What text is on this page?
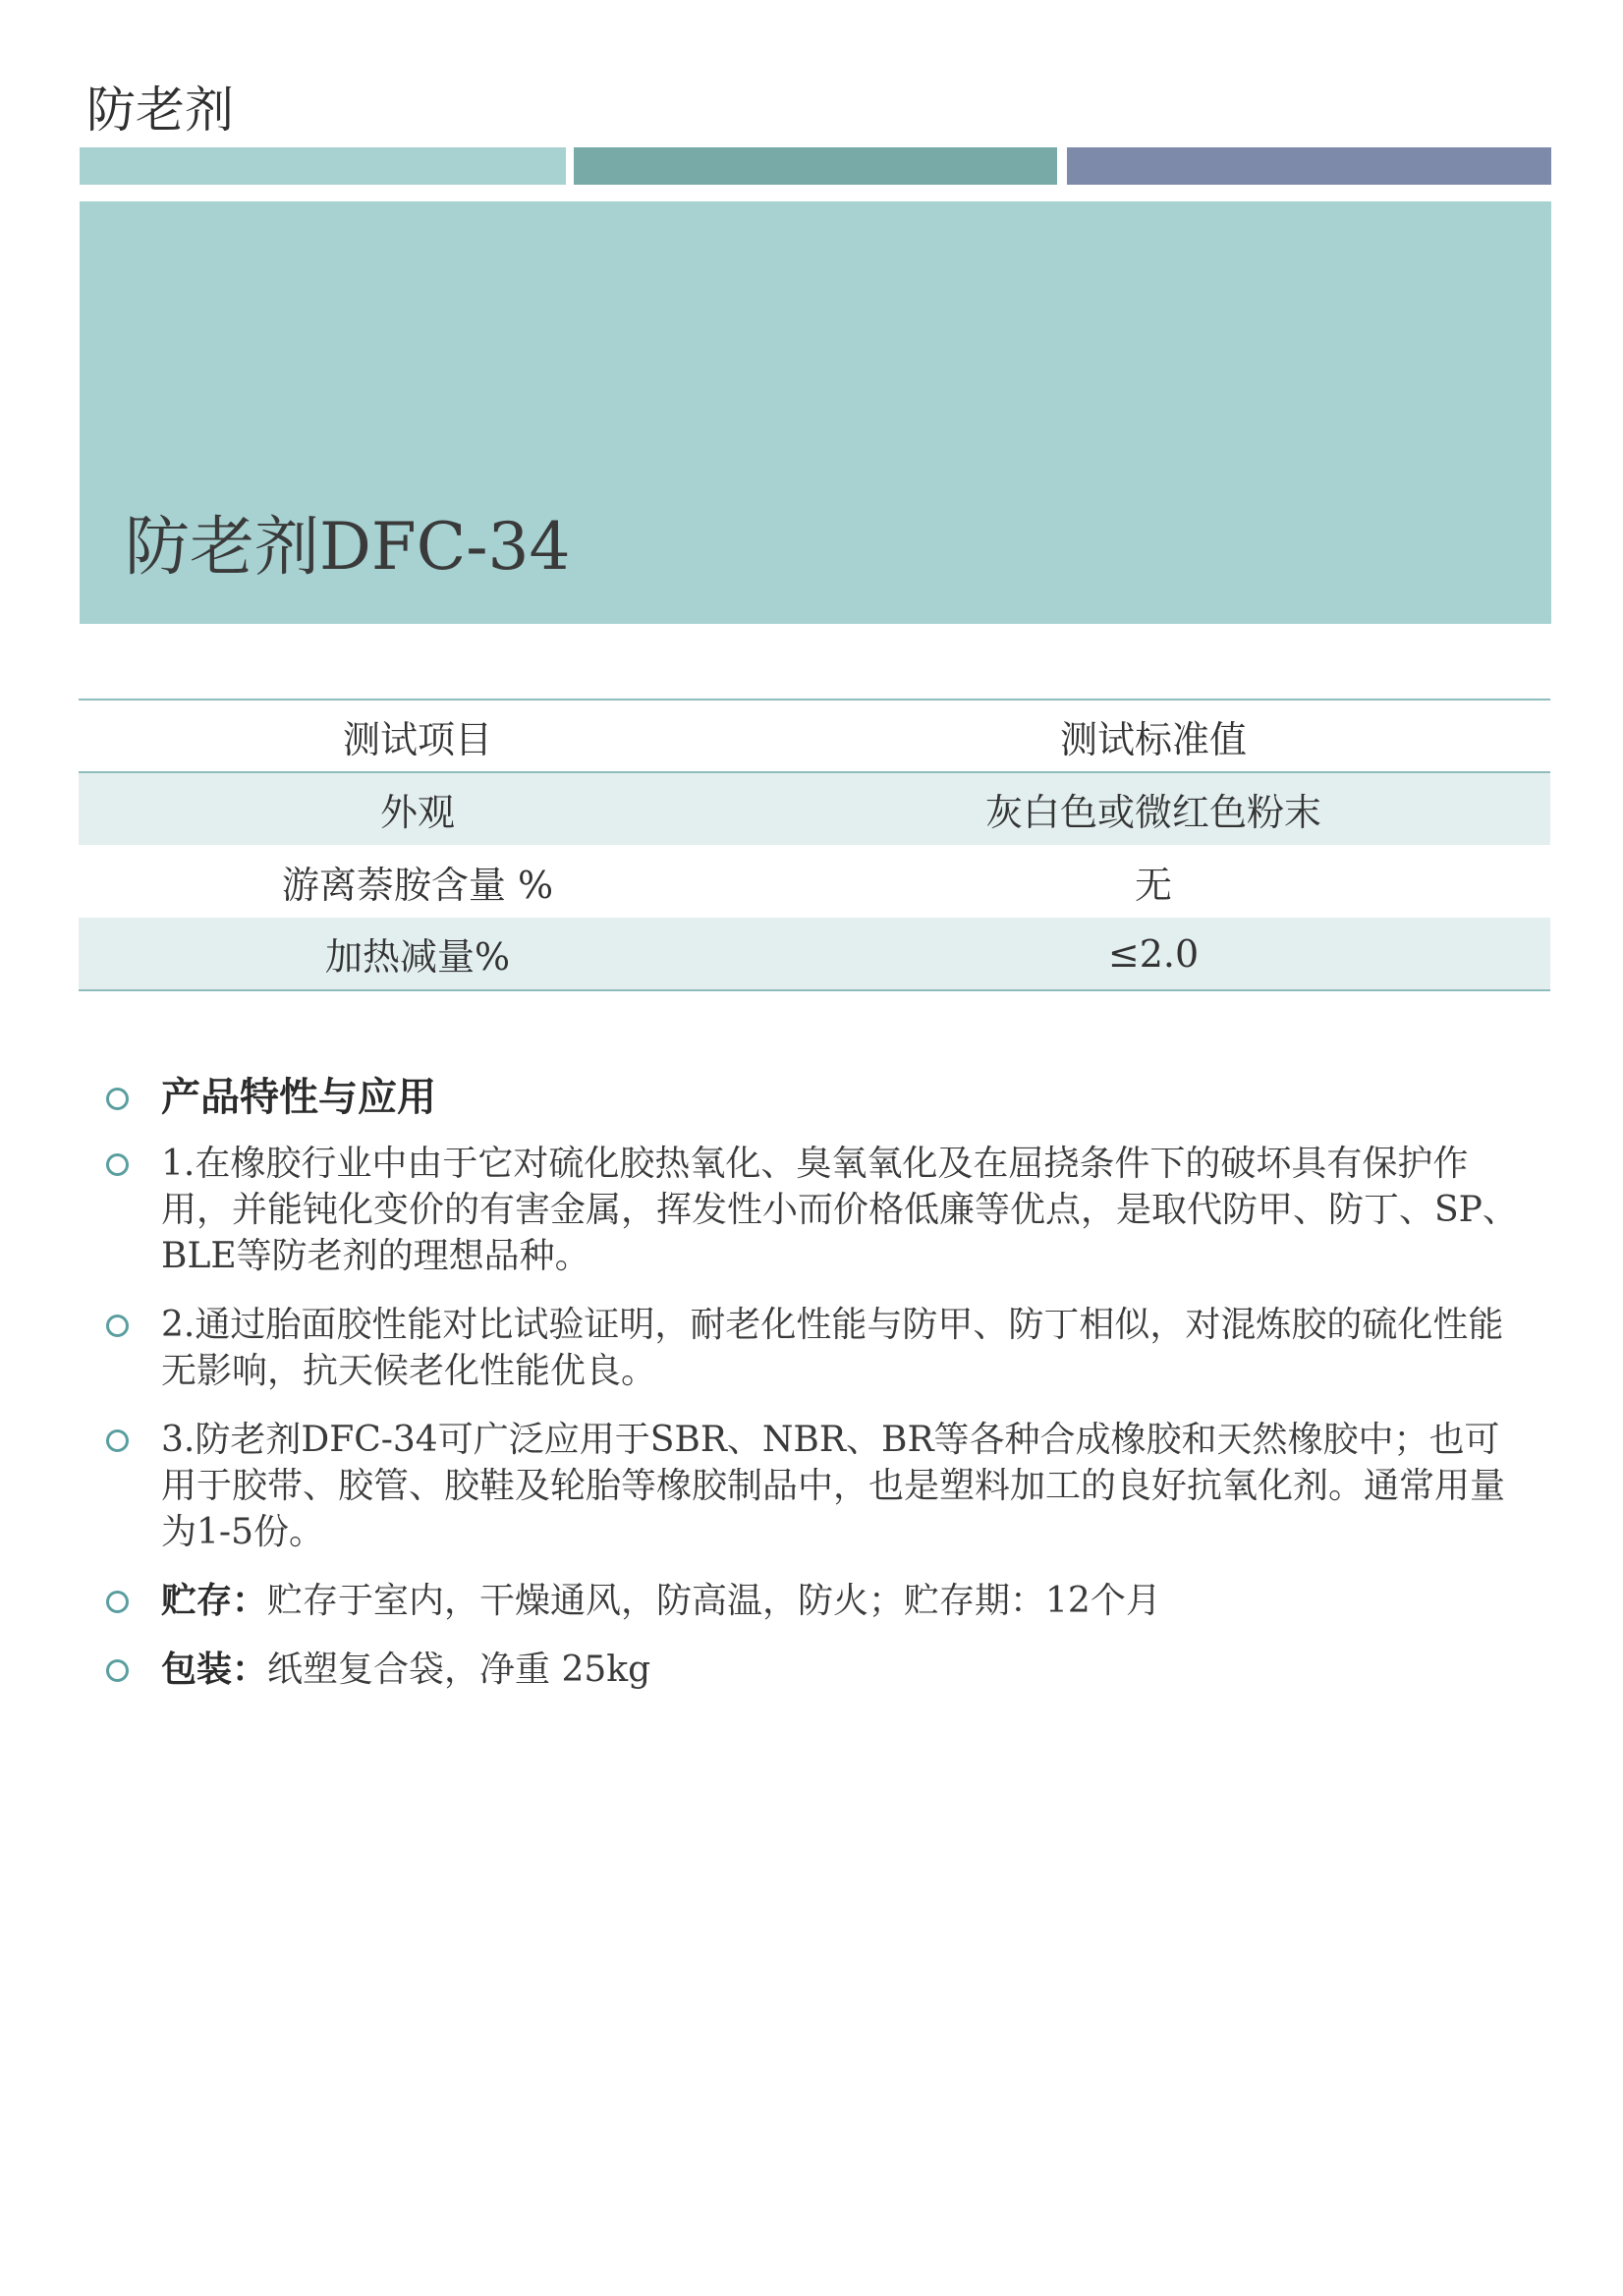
防老剂
防老剂DFC-34
测试项目	测试标准值
外观	灰白色或微红色粉末
游离萘胺含量 %	无
加热减量%	≤2.0
产品特性与应用
1.在橡胶行业中由于它对硫化胶热氧化、臭氧氧化及在屈挠条件下的破坏具有保护作用，并能钝化变价的有害金属，挥发性小而价格低廉等优点，是取代防甲、防丁、SP、BLE等防老剂的理想品种。
2.通过胎面胶性能对比试验证明，耐老化性能与防甲、防丁相似，对混炼胶的硫化性能无影响，抗天候老化性能优良。
3.防老剂DFC-34可广泛应用于SBR、NBR、BR等各种合成橡胶和天然橡胶中；也可用于胶带、胶管、胶鞋及轮胎等橡胶制品中，也是塑料加工的良好抗氧化剂。通常用量为1-5份。
贮存：贮存于室内，干燥通风，防高温，防火；贮存期：12个月
包装：纸塑复合袋，净重 25kg
